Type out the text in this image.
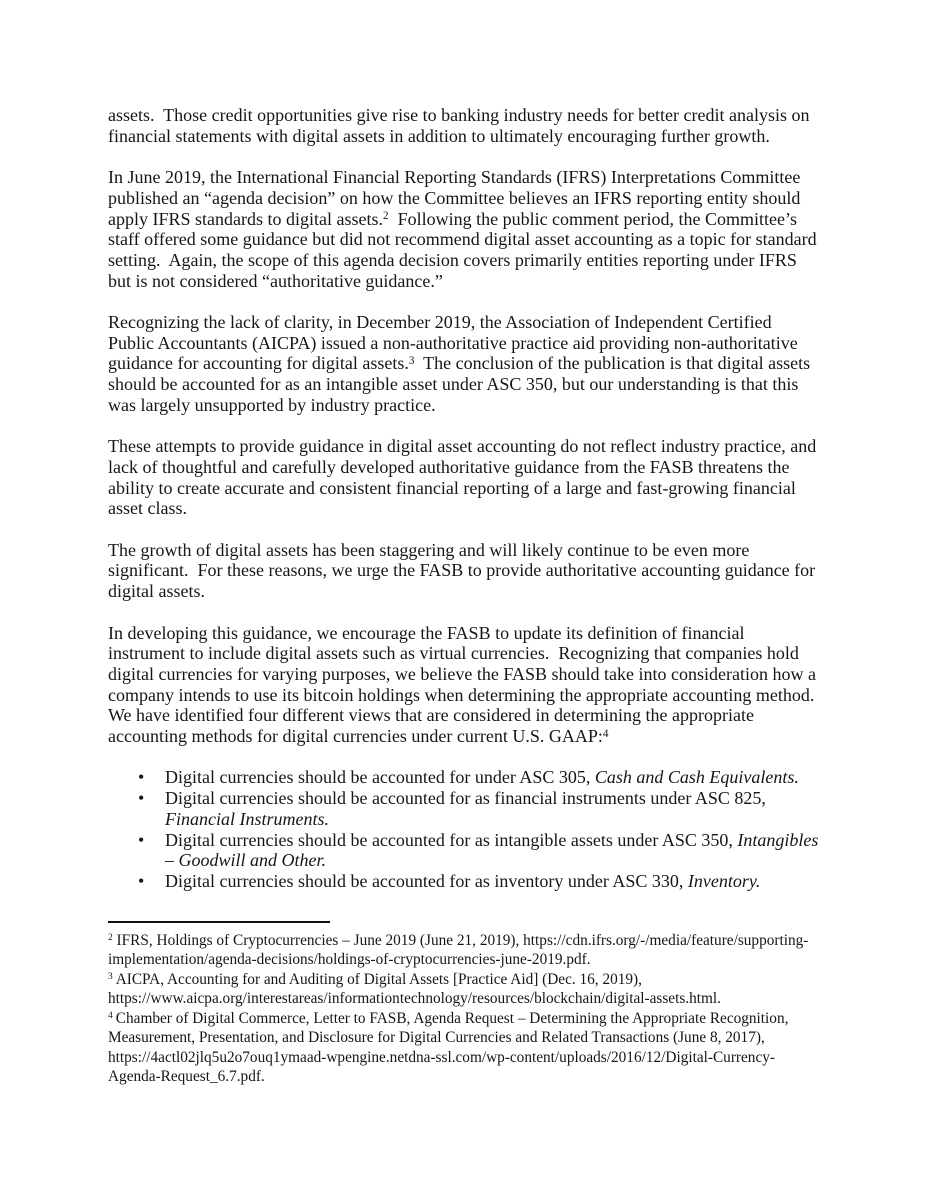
assets.  Those credit opportunities give rise to banking industry needs for better credit analysis on financial statements with digital assets in addition to ultimately encouraging further growth.

In June 2019, the International Financial Reporting Standards (IFRS) Interpretations Committee published an “agenda decision” on how the Committee believes an IFRS reporting entity should apply IFRS standards to digital assets.$^2$  Following the public comment period, the Committee’s staff offered some guidance but did not recommend digital asset accounting as a topic for standard setting.  Again, the scope of this agenda decision covers primarily entities reporting under IFRS but is not considered “authoritative guidance.”

Recognizing the lack of clarity, in December 2019, the Association of Independent Certified Public Accountants (AICPA) issued a non-authoritative practice aid providing non-authoritative guidance for accounting for digital assets.$^3$  The conclusion of the publication is that digital assets should be accounted for as an intangible asset under ASC 350, but our understanding is that this was largely unsupported by industry practice.

These attempts to provide guidance in digital asset accounting do not reflect industry practice, and lack of thoughtful and carefully developed authoritative guidance from the FASB threatens the ability to create accurate and consistent financial reporting of a large and fast-growing financial asset class.

The growth of digital assets has been staggering and will likely continue to be even more significant.  For these reasons, we urge the FASB to provide authoritative accounting guidance for digital assets.

In developing this guidance, we encourage the FASB to update its definition of financial instrument to include digital assets such as virtual currencies.  Recognizing that companies hold digital currencies for varying purposes, we believe the FASB should take into consideration how a company intends to use its bitcoin holdings when determining the appropriate accounting method.  We have identified four different views that are considered in determining the appropriate accounting methods for digital currencies under current U.S. GAAP:$^4$

• Digital currencies should be accounted for under ASC 305, Cash and Cash Equivalents.
• Digital currencies should be accounted for as financial instruments under ASC 825, Financial Instruments.
• Digital currencies should be accounted for as intangible assets under ASC 350, Intangibles – Goodwill and Other.
• Digital currencies should be accounted for as inventory under ASC 330, Inventory.
$^2$ IFRS, Holdings of Cryptocurrencies – June 2019 (June 21, 2019), https://cdn.ifrs.org/-/media/feature/supporting-implementation/agenda-decisions/holdings-of-cryptocurrencies-june-2019.pdf.
$^3$ AICPA, Accounting for and Auditing of Digital Assets [Practice Aid] (Dec. 16, 2019), https://www.aicpa.org/interestareas/informationtechnology/resources/blockchain/digital-assets.html.
$^4$ Chamber of Digital Commerce, Letter to FASB, Agenda Request – Determining the Appropriate Recognition, Measurement, Presentation, and Disclosure for Digital Currencies and Related Transactions (June 8, 2017), https://4actl02jlq5u2o7ouq1ymaad-wpengine.netdna-ssl.com/wp-content/uploads/2016/12/Digital-Currency-Agenda-Request_6.7.pdf.
